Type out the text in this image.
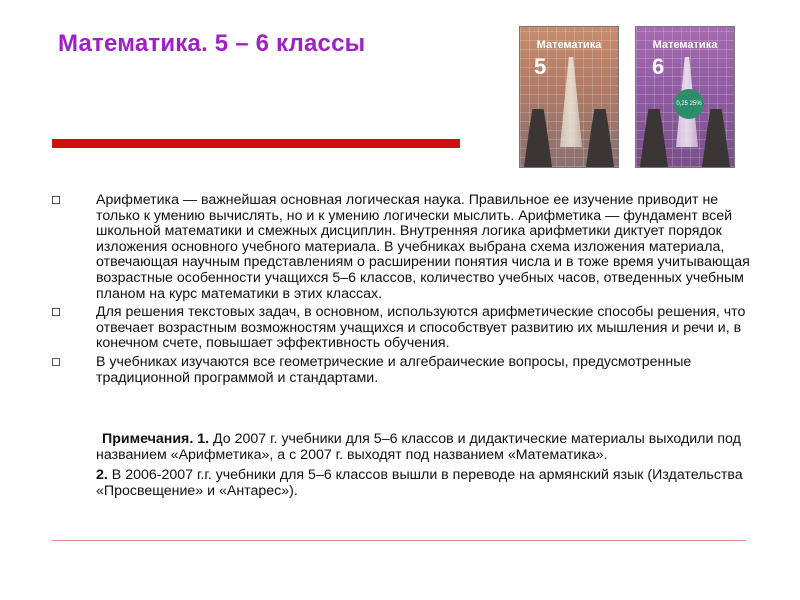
Математика. 5 – 6 классы	Математика
5
Математика
6
0,25 25%
Арифметика — важнейшая основная логическая наука. Правильное ее изучение приводит не только к умению вычислять, но и к умению логически мыслить. Арифметика — фундамент всей школьной математики и смежных дисциплин. Внутренняя логика арифметики диктует порядок изложения основного учебного материала. В учебниках выбрана схема изложения материала, отвечающая научным представлениям о расширении понятия числа и в тоже время учитывающая возрастные особенности учащихся 5–6 классов, количество учебных часов, отведенных учебным планом на курс математики в этих классах.
Для решения текстовых задач, в основном, используются арифметические способы решения, что отвечает возрастным возможностям учащихся и способствует развитию их мышления и речи и, в конечном счете, повышает эффективность обучения.
В учебниках изучаются все геометрические и алгебраические вопросы, предусмотренные традиционной программой и стандартами.

Примечания. 1. До 2007 г. учебники для 5–6 классов и дидактические материалы выходили под названием «Арифметика», а с 2007 г. выходят под названием «Математика».

2. В 2006-2007 г.г. учебники для 5–6 классов вышли в переводе на армянский язык (Издательства «Просвещение» и «Антарес»).
